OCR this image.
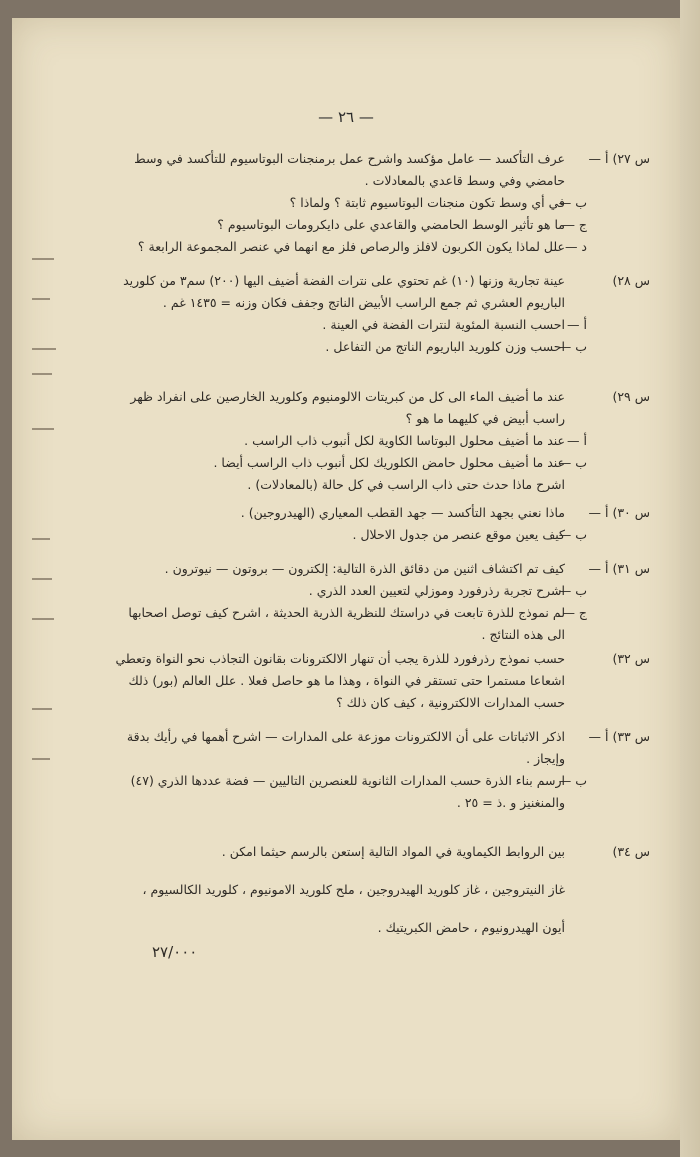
— ٢٦ —
س ٢٧) أ —

عرف التأكسد — عامل مؤكسد واشرح عمل برمنجنات البوتاسيوم للتأكسد في وسط حامضي وفي وسط قاعدي بالمعادلات .

ب —
في أي وسط تكون منجنات البوتاسيوم ثابتة ؟ ولماذا ؟

ج —
ما هو تأثير الوسط الحامضي والقاعدي على دايكرومات البوتاسيوم ؟

د —
علل لماذا يكون الكربون لافلز والرصاص فلز مع انهما في عنصر المجموعة الرابعة ؟

س ٢٨)

عينة تجارية وزنها (١٠) غم تحتوي على نترات الفضة أضيف اليها (٢٠٠) سم٣ من كلوريد الباريوم العشري ثم جمع الراسب الأبيض الناتج وجفف فكان وزنه = ١٤٣٥ غم .

أ —
احسب النسبة المئوية لنترات الفضة في العينة .

ب —
احسب وزن كلوريد الباريوم الناتج من التفاعل .

س ٢٩)

عند ما أضيف الماء الى كل من كبريتات الالومنيوم وكلوريد الخارصين على انفراد ظهر راسب أبيض في كليهما ما هو ؟

أ —
عند ما أضيف محلول البوتاسا الكاوية لكل أنبوب ذاب الراسب .

ب —
عند ما أضيف محلول حامض الكلوريك لكل أنبوب ذاب الراسب أيضا .

اشرح ماذا حدث حتى ذاب الراسب في كل حالة (بالمعادلات) .

س ٣٠) أ —

ماذا نعني بجهد التأكسد — جهد القطب المعياري (الهيدروجين) .

ب —
كيف يعين موقع عنصر من جدول الاحلال .

س ٣١) أ —

كيف تم اكتشاف اثنين من دقائق الذرة التالية: إلكترون — بروتون — نيوترون .

ب —
اشرح تجربة رذرفورد وموزلي لتعيين العدد الذري .

ج —
لم نموذج للذرة تابعت في دراستك للنظرية الذرية الحديثة ، اشرح كيف توصل اصحابها الى هذه النتائج .

س ٣٢)

حسب نموذج رذرفورد للذرة يجب أن تنهار الالكترونات بقانون التجاذب نحو النواة وتعطي اشعاعا مستمرا حتى تستقر في النواة ، وهذا ما هو حاصل فعلا . علل العالم (بور) ذلك حسب المدارات الالكترونية ، كيف كان ذلك ؟

س ٣٣) أ —

اذكر الاثباتات على أن الالكترونات موزعة على المدارات — اشرح أهمها في رأيك بدقة وإيجاز .

ب —
ارسم بناء الذرة حسب المدارات الثانوية للعنصرين التاليين — فضة عددها الذري (٤٧) والمنغنيز و .ذ = ٢٥ .

س ٣٤)

بين الروابط الكيماوية في المواد التالية إستعن بالرسم حيثما امكن .

غاز النيتروجين ، غاز كلوريد الهيدروجين ، ملح كلوريد الامونيوم ، كلوريد الكالسيوم ،

أيون الهيدرونيوم ، حامض الكبريتيك .

٢٧/٠٠٠
